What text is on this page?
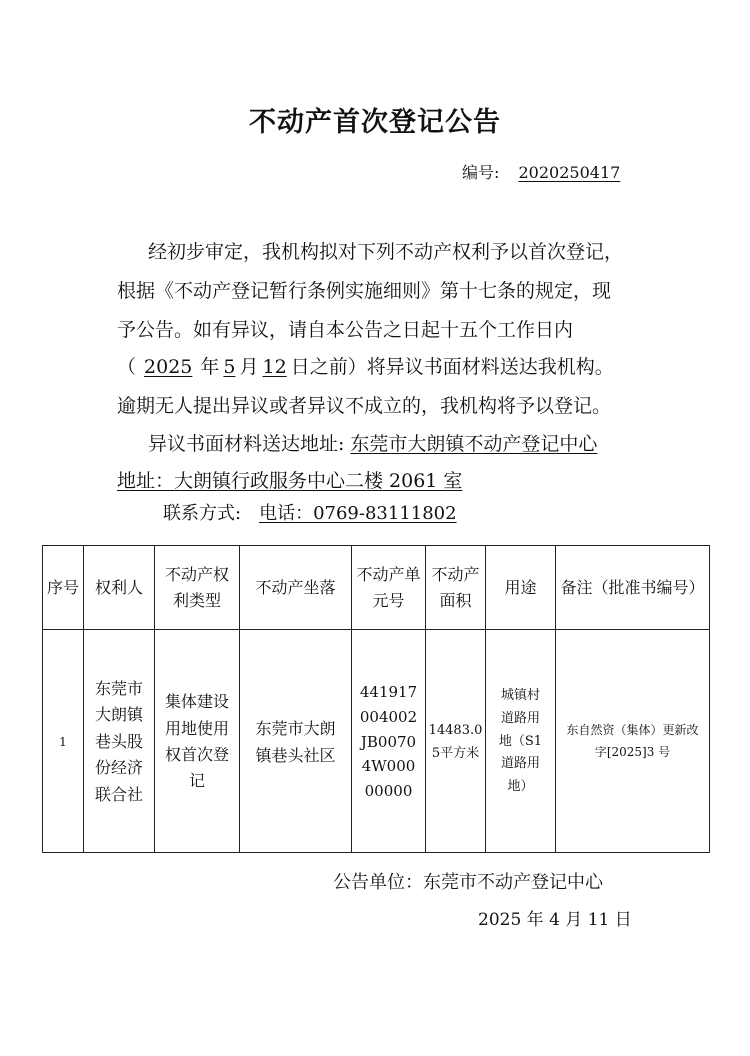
不动产首次登记公告
编号: 2020250417
经初步审定，我机构拟对下列不动产权利予以首次登记，
根据《不动产登记暂行条例实施细则》第十七条的规定，现
予公告。如有异议，请自本公告之日起十五个工作日内
（ 2025 年 5 月 12 日之前）将异议书面材料送达我机构。
逾期无人提出异议或者异议不成立的，我机构将予以登记。
异议书面材料送达地址: 东莞市大朗镇不动产登记中心
地址：大朗镇行政服务中心二楼 2061 室
联系方式: 电话：0769-83111802
序号 权利人
不动产权利类型
不动产坐落
不动产单元号
不动产面积
用途	备注（批准书编号）
1
东莞市大朗镇巷头股份经济联合社
集体建设用地使用权首次登记
东莞市大朗镇巷头社区
441917004002JB00704W00000000
14483.05平方米
城镇村道路用地（S1道路用地）
东自然资（集体）更新改字[2025]3 号
公告单位：东莞市不动产登记中心
2025 年 4 月 11 日
